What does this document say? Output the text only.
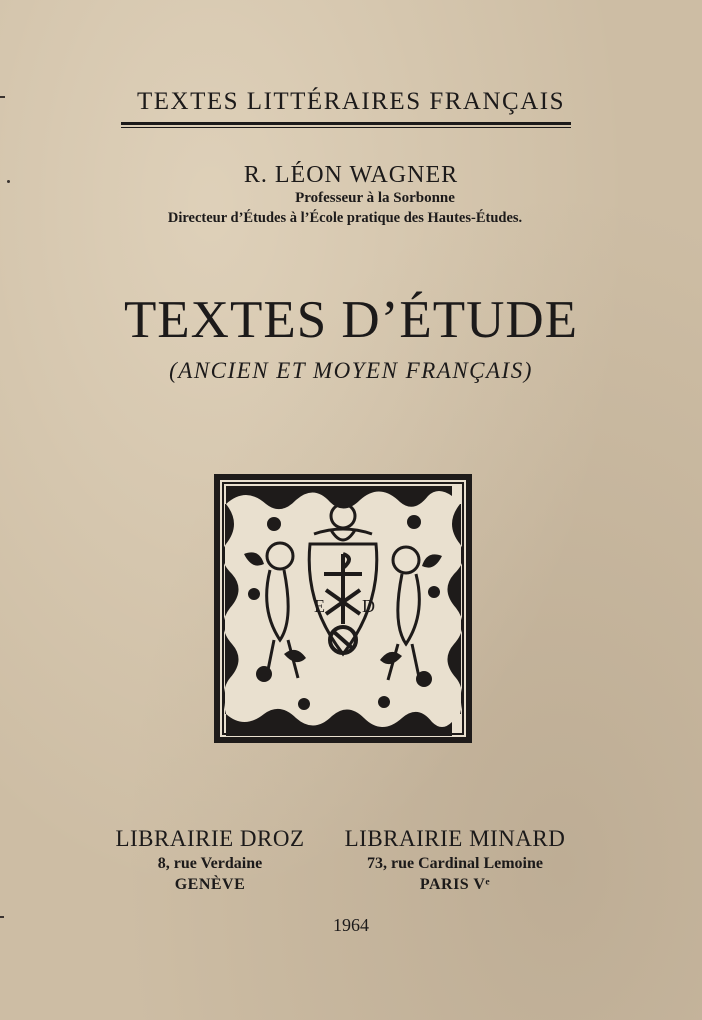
TEXTES LITTÉRAIRES FRANÇAIS
R. LÉON WAGNER
Professeur à la Sorbonne
Directeur d’Études à l’École pratique des Hautes-Études.
TEXTES D’ÉTUDE
(ANCIEN ET MOYEN FRANÇAIS)
E D
LIBRAIRIE DROZ
8, rue Verdaine
GENÈVE
LIBRAIRIE MINARD
73, rue Cardinal Lemoine
PARIS Vᵉ
1964
